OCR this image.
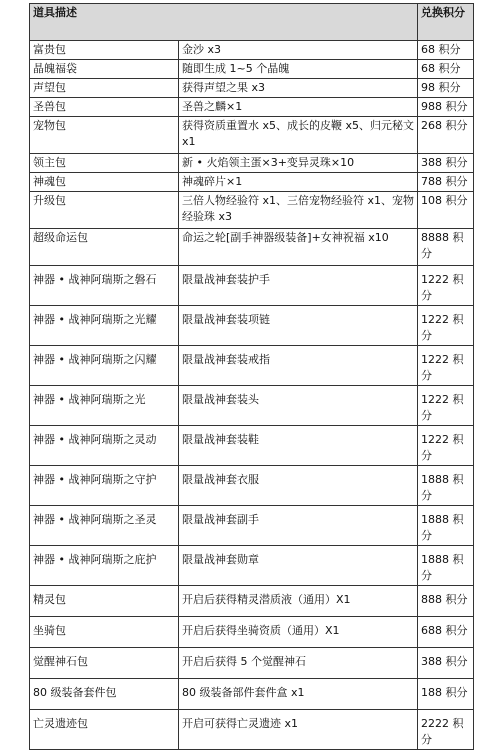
道具描述		兑换积分
富贵包	金沙 x3	68 积分
晶魄福袋	随即生成 1~5 个晶魄	68 积分
声望包	获得声望之果 x3	98 积分
圣兽包	圣兽之麟×1	988 积分
宠物包	获得资质重置水 x5、成长的皮鞭 x5、归元秘文 x1	268 积分
领主包	新 • 火焰领主蛋×3+变异灵珠×10	388 积分
神魂包	神魂碎片×1	788 积分
升级包	三倍人物经验符 x1、三倍宠物经验符 x1、宠物经验珠 x3	108 积分
超级命运包	命运之轮[副手神器级装备]+女神祝福 x10	8888 积分
神器 • 战神阿瑞斯之磐石	限量战神套装护手	1222 积分
神器 • 战神阿瑞斯之光耀	限量战神套装项链	1222 积分
神器 • 战神阿瑞斯之闪耀	限量战神套装戒指	1222 积分
神器 • 战神阿瑞斯之光	限量战神套装头	1222 积分
神器 • 战神阿瑞斯之灵动	限量战神套装鞋	1222 积分
神器 • 战神阿瑞斯之守护	限量战神套衣服	1888 积分
神器 • 战神阿瑞斯之圣灵	限量战神套副手	1888 积分
神器 • 战神阿瑞斯之庇护	限量战神套勋章	1888 积分
精灵包	开启后获得精灵潜质液（通用）X1	888 积分
坐骑包	开启后获得坐骑资质（通用）X1	688 积分
觉醒神石包	开启后获得 5 个觉醒神石	388 积分
80 级装备套件包	80 级装备部件套件盒 x1	188 积分
亡灵遗迹包	开启可获得亡灵遗迹 x1	2222 积分
